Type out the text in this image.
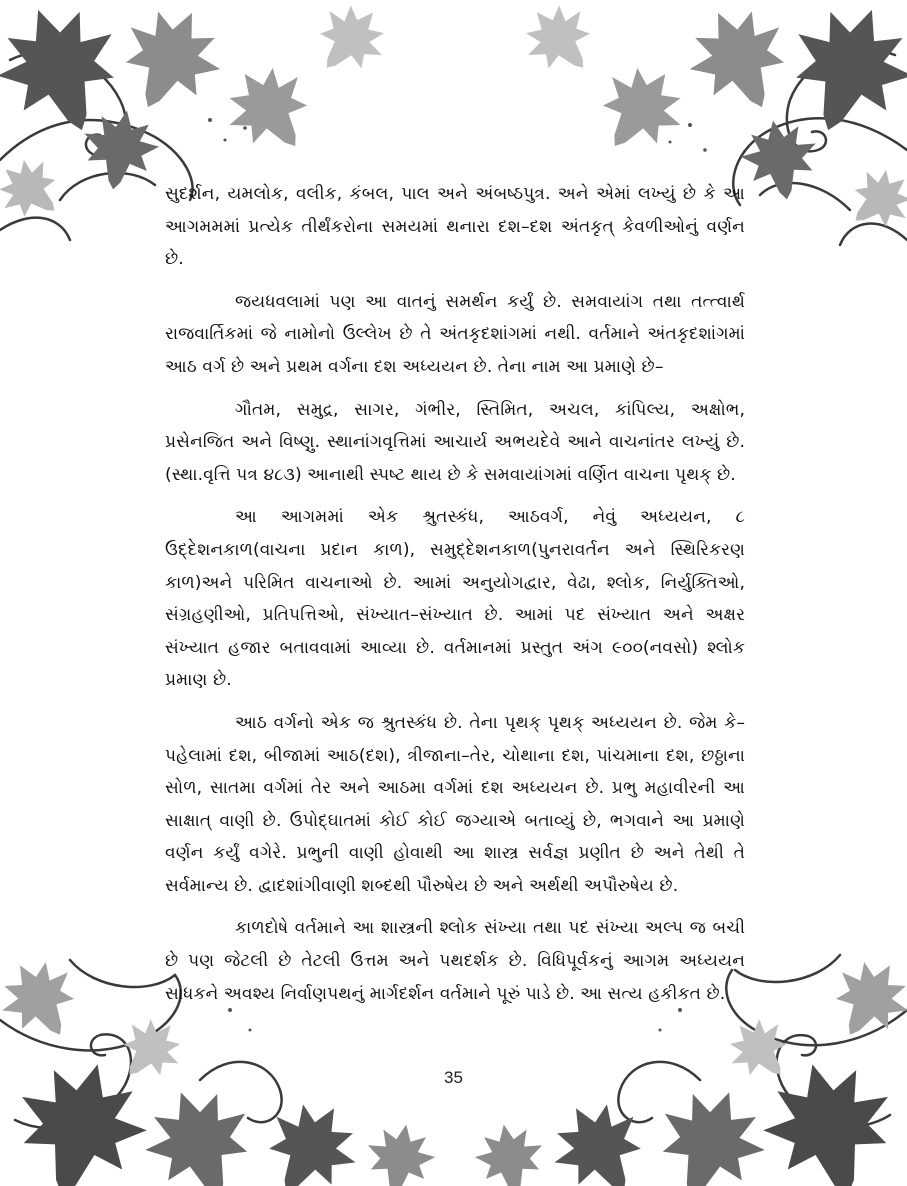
સુદર્શન, યમલોક, વલીક, કંબલ, પાલ અને અંબષ્ઠપુત્ર. અને એમાં લખ્યું છે કે આ આગમમમાં પ્રત્યેક તીર્થંકરોના સમયમાં થનારા દશ–દશ અંતકૃત્ કેવળીઓનું વર્ણન છે.

જયધવલામાં પણ આ વાતનું સમર્થન કર્યું છે. સમવાયાંગ તથા તત્ત્વાર્થ રાજવાર્તિકમાં જે નામોનો ઉલ્લેખ છે તે અંતકૃદશાંગમાં નથી. વર્તમાને અંતકૃદશાંગમાં આઠ વર્ગ છે અને પ્રથમ વર્ગના દશ અધ્યયન છે. તેના નામ આ પ્રમાણે છે–

ગૌતમ, સમુદ્ર, સાગર, ગંભીર, સ્તિમિત, અચલ, કાંપિલ્ય, અક્ષોભ, પ્રસેનજિત અને વિષ્ણુ. સ્થાનાંગવૃત્તિમાં આચાર્ય અભયદેવે આને વાચનાંતર લખ્યું છે.(સ્થા.વૃત્તિ પત્ર ૪૮૩) આનાથી સ્પષ્ટ થાય છે કે સમવાયાંગમાં વર્ણિત વાચના પૃથક્ છે.

આ આગમમાં એક શ્રુતસ્કંધ, આઠવર્ગ, નેવું અધ્યયન, ૮ ઉદ્દેશનકાળ(વાચના પ્રદાન કાળ), સમુદ્દેશનકાળ(પુનરાવર્તન અને સ્થિરિકરણ કાળ)અને પરિમિત વાચનાઓ છે. આમાં અનુયોગદ્વાર, વેઢા, શ્લોક, નિર્યુક્તિઓ, સંગ્રહણીઓ, પ્રતિપત્તિઓ, સંખ્યાત–સંખ્યાત છે. આમાં પદ સંખ્યાત અને અક્ષર સંખ્યાત હજાર બતાવવામાં આવ્યા છે. વર્તમાનમાં પ્રસ્તુત અંગ ૯૦૦(નવસો) શ્લોક પ્રમાણ છે.

આઠ વર્ગનો એક જ શ્રુતસ્કંધ છે. તેના પૃથક્ પૃથક્ અધ્યયન છે. જેમ કે– પહેલામાં દશ, બીજામાં આઠ(દશ), ત્રીજાના–તેર, ચોથાના દશ, પાંચમાના દશ, છઠ્ઠાના સોળ, સાતમા વર્ગમાં તેર અને આઠમા વર્ગમાં દશ અધ્યયન છે. પ્રભુ મહાવીરની આ સાક્ષાત્ વાણી છે. ઉપોદ્ઘાતમાં કોઈ કોઈ જગ્યાએ બતાવ્યું છે, ભગવાને આ પ્રમાણે વર્ણન કર્યું વગેરે. પ્રભુની વાણી હોવાથી આ શાસ્ત્ર સર્વજ્ઞ પ્રણીત છે અને તેથી તે સર્વમાન્ય છે. દ્વાદશાંગીવાણી શબ્દથી પૌરુષેય છે અને અર્થથી અપૌરુષેય છે.

કાળદોષે વર્તમાને આ શાસ્ત્રની શ્લોક સંખ્યા તથા પદ સંખ્યા અલ્પ જ બચી છે પણ જેટલી છે તેટલી ઉત્તમ અને પથદર્શક છે. વિધિપૂર્વકનું આગમ અધ્યયન સાધકને અવશ્ય નિર્વાણપથનું માર્ગદર્શન વર્તમાને પૂરું પાડે છે. આ સત્ય હકીકત છે.

35
